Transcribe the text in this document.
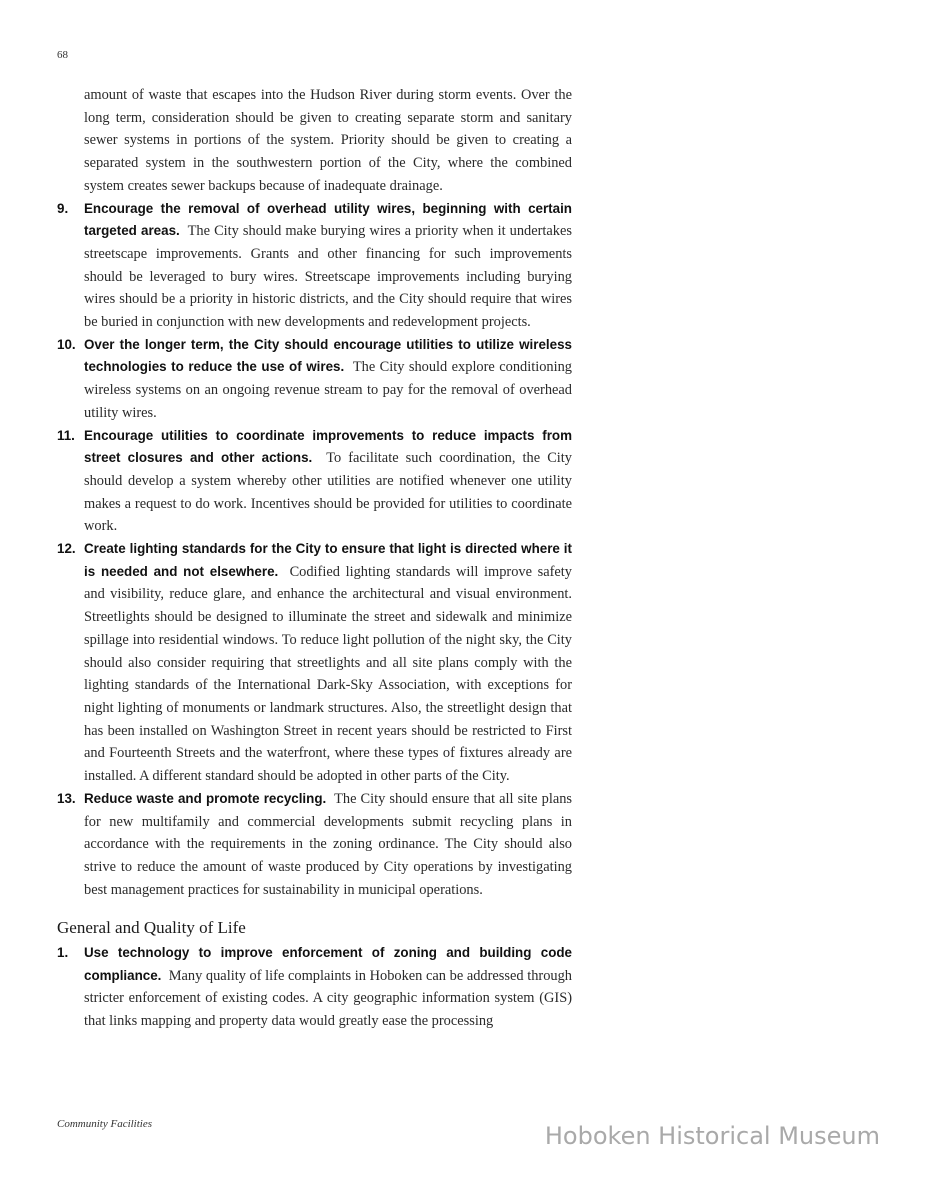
68

amount of waste that escapes into the Hudson River during storm events. Over the long term, consideration should be given to creating separate storm and sanitary sewer systems in portions of the system. Priority should be given to creating a separated system in the southwestern portion of the City, where the combined system creates sewer backups because of inadequate drainage.

9. Encourage the removal of overhead utility wires, beginning with certain targeted areas. The City should make burying wires a priority when it undertakes streetscape improvements. Grants and other financing for such improvements should be leveraged to bury wires. Streetscape improvements including burying wires should be a priority in historic districts, and the City should require that wires be buried in conjunction with new developments and redevelopment projects.
10. Over the longer term, the City should encourage utilities to utilize wireless technologies to reduce the use of wires. The City should explore conditioning wireless systems on an ongoing revenue stream to pay for the removal of overhead utility wires.
11. Encourage utilities to coordinate improvements to reduce impacts from street closures and other actions. To facilitate such coordination, the City should develop a system whereby other utilities are notified whenever one utility makes a request to do work. Incentives should be provided for utilities to coordinate work.
12. Create lighting standards for the City to ensure that light is directed where it is needed and not elsewhere. Codified lighting standards will improve safety and visibility, reduce glare, and enhance the architectural and visual environment. Streetlights should be designed to illuminate the street and sidewalk and minimize spillage into residential windows. To reduce light pollution of the night sky, the City should also consider requiring that streetlights and all site plans comply with the lighting standards of the International Dark-Sky Association, with exceptions for night lighting of monuments or landmark structures. Also, the streetlight design that has been installed on Washington Street in recent years should be restricted to First and Fourteenth Streets and the waterfront, where these types of fixtures already are installed. A different standard should be adopted in other parts of the City.
13. Reduce waste and promote recycling. The City should ensure that all site plans for new multifamily and commercial developments submit recycling plans in accordance with the requirements in the zoning ordinance. The City should also strive to reduce the amount of waste produced by City operations by investigating best management practices for sustainability in municipal operations.
General and Quality of Life
1. Use technology to improve enforcement of zoning and building code compliance. Many quality of life complaints in Hoboken can be addressed through stricter enforcement of existing codes. A city geographic information system (GIS) that links mapping and property data would greatly ease the processing
Community Facilities	Hoboken Historical Museum
